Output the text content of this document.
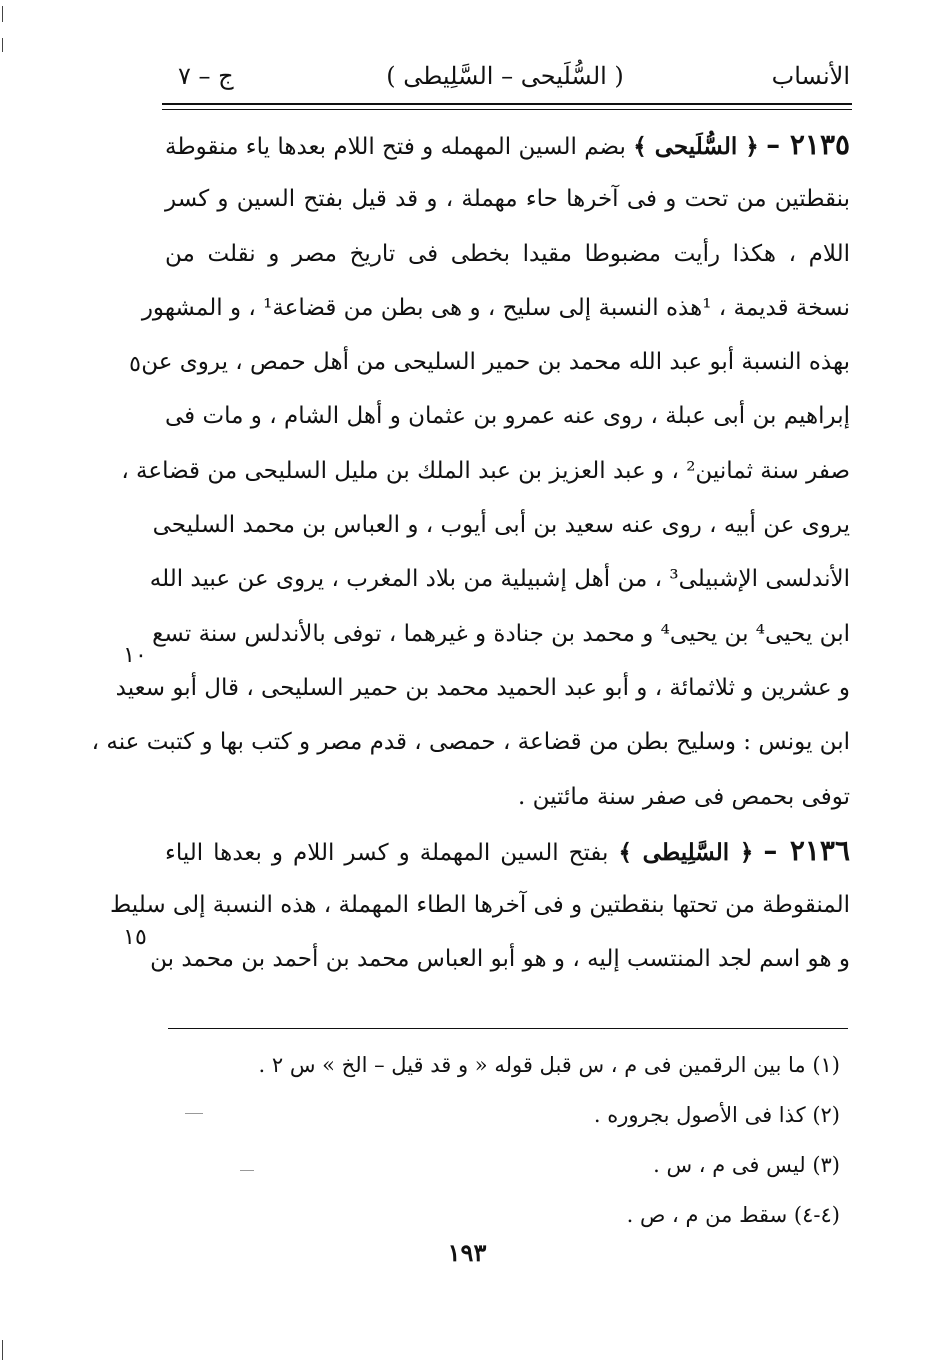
الأنساب
( السُّلَيحى – السَّلِيطى )
ج – ٧
٢١٣٥ – ﴿ السُّلَيحى ﴾ بضم السين المهمله و فتح اللام بعدها ياء منقوطة
بنقطتين من تحت و فى آخرها حاء مهملة ، و قد قيل بفتح السين و كسر
اللام ، هكذا رأيت مضبوطا مقيدا بخطى فى تاريخ مصر و نقلت من
نسخة قديمة ، ¹هذه النسبة إلى سليح ، و هى بطن من قضاعة¹ ، و المشهور
بهذه النسبة أبو عبد الله محمد بن حمير السليحى من أهل حمص ، يروى عن
إبراهيم بن أبى عبلة ، روى عنه عمرو بن عثمان و أهل الشام ، و مات فى
صفر سنة ثمانين² ، و عبد العزيز بن عبد الملك بن مليل السليحى من قضاعة ،
يروى عن أبيه ، روى عنه سعيد بن أبى أيوب ، و العباس بن محمد السليحى
الأندلسى الإشبيلى³ ، من أهل إشبيلية من بلاد المغرب ، يروى عن عبيد الله
ابن يحيى⁴ بن يحيى⁴ و محمد بن جنادة و غيرهما ، توفى بالأندلس سنة تسع
و عشرين و ثلاثمائة ، و أبو عبد الحميد محمد بن حمير السليحى ، قال أبو سعيد
ابن يونس : وسليح بطن من قضاعة ، حمصى ، قدم مصر و كتب بها و كتبت عنه ،
توفى بحمص فى صفر سنة مائتين .
٢١٣٦ – ﴿ السَّلِيطى ﴾ بفتح السين المهملة و كسر اللام و بعدها الياء
المنقوطة من تحتها بنقطتين و فى آخرها الطاء المهملة ، هذه النسبة إلى سليط
و هو اسم لجد المنتسب إليه ، و هو أبو العباس محمد بن أحمد بن محمد بن
٥
١٠
١٥
(١) ما بين الرقمين فى م ، س قبل قوله « و قد قيل – الخ » س ٢ .
(٢) كذا فى الأصول بجروره .
(٣) ليس فى م ، س .
(٤-٤) سقط من م ، ص .
١٩٣
